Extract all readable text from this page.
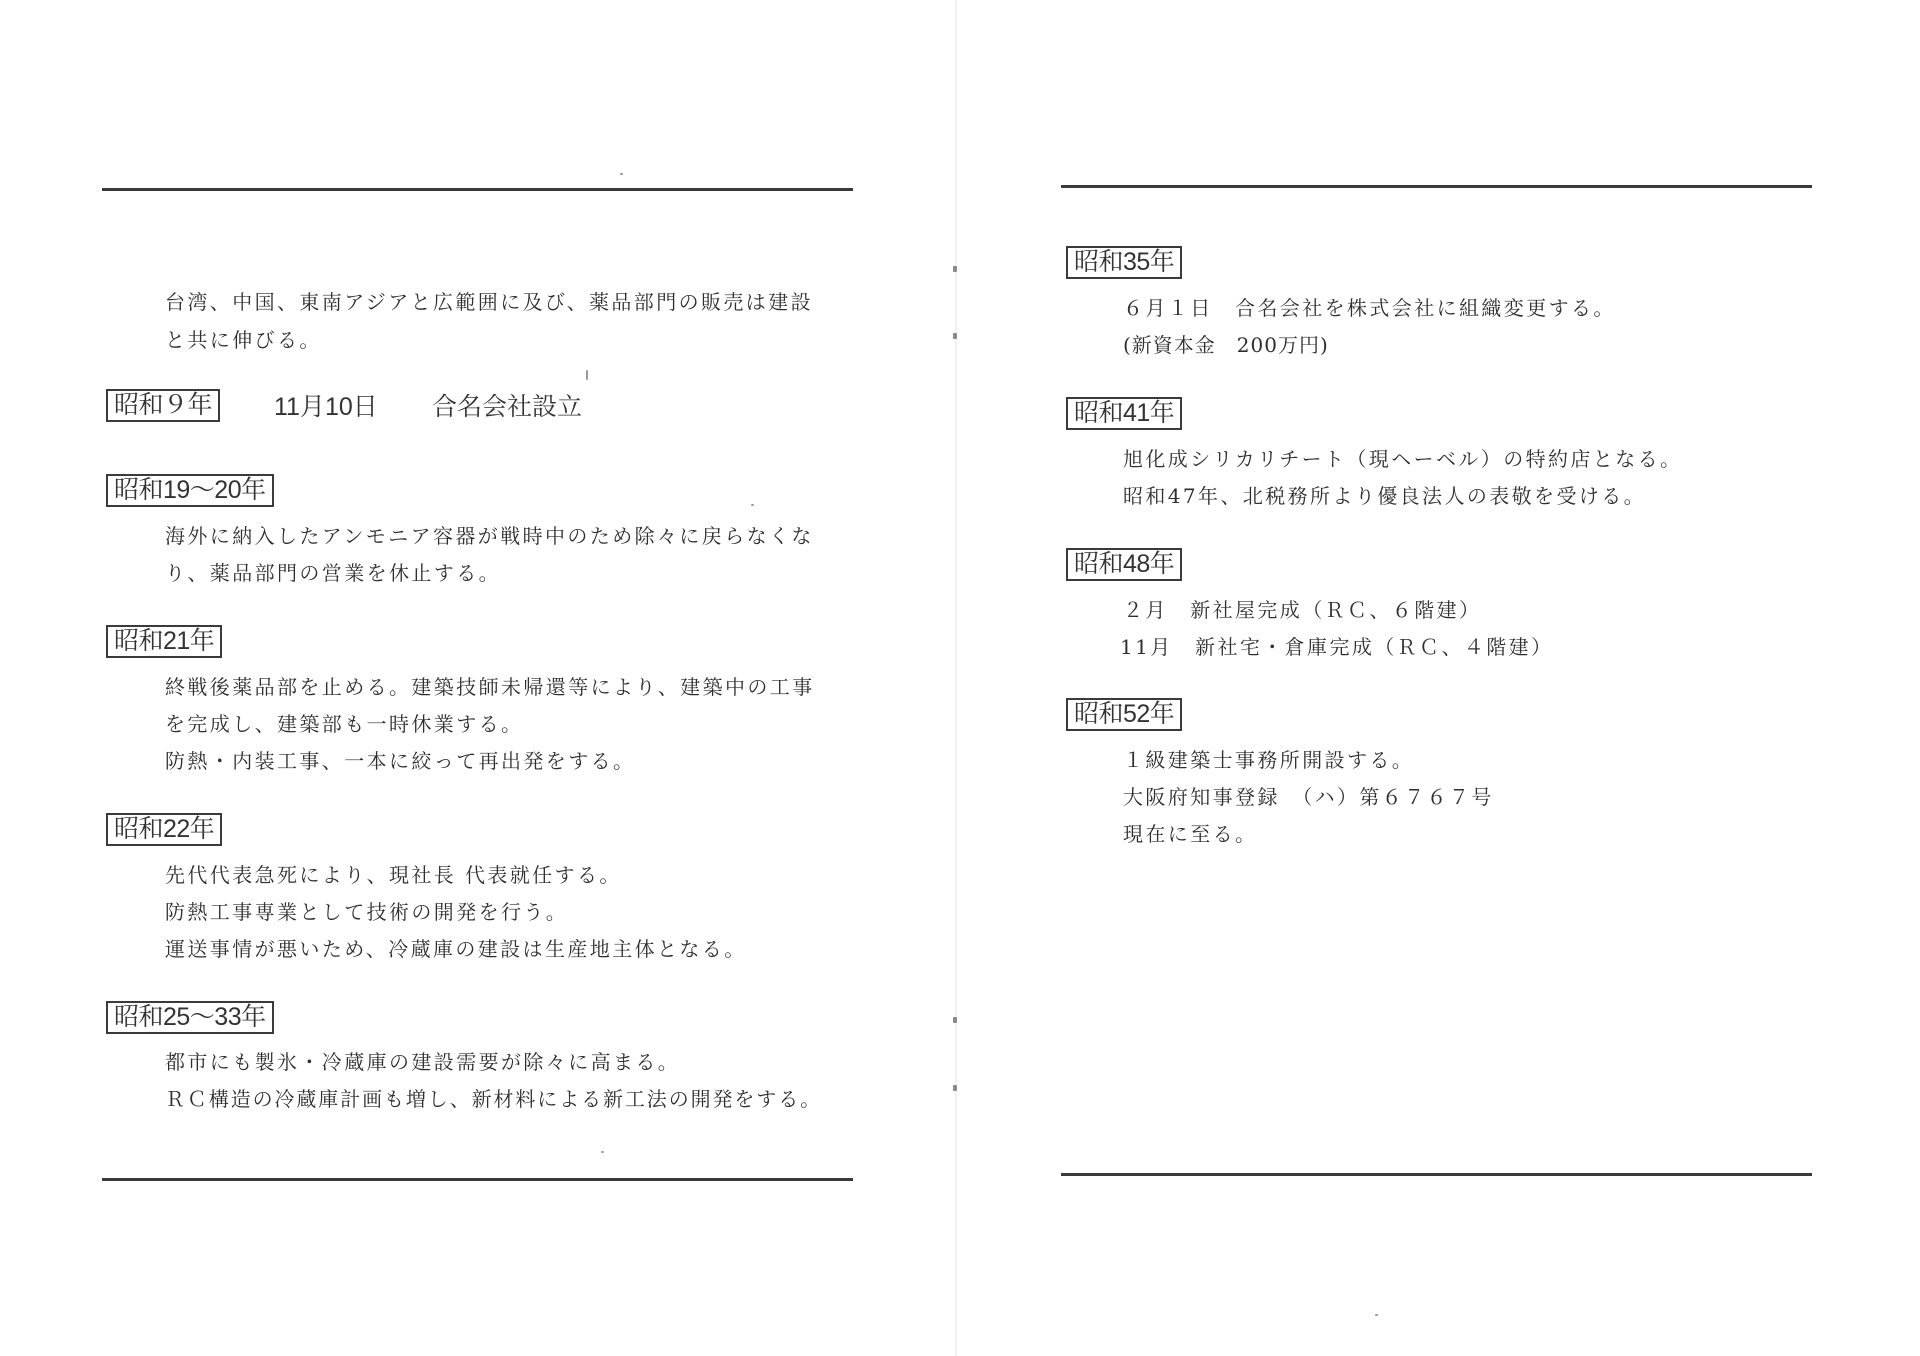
台湾、中国、東南アジアと広範囲に及び、薬品部門の販売は建設
と共に伸びる。
昭和９年	11月10日 合名会社設立
昭和19～20年
海外に納入したアンモニア容器が戦時中のため除々に戻らなくな
り、薬品部門の営業を休止する。
昭和21年
終戦後薬品部を止める。建築技師未帰還等により、建築中の工事
を完成し、建築部も一時休業する。
防熱・内装工事、一本に絞って再出発をする。
昭和22年
先代代表急死により、現社長 代表就任する。
防熱工事専業として技術の開発を行う。
運送事情が悪いため、冷蔵庫の建設は生産地主体となる。
昭和25～33年
都市にも製氷・冷蔵庫の建設需要が除々に高まる。
ＲＣ構造の冷蔵庫計画も増し、新材料による新工法の開発をする。
昭和35年
６月１日　合名会社を株式会社に組織変更する。
(新資本金　200万円)
昭和41年
旭化成シリカリチート（現ヘーベル）の特約店となる。
昭和47年、北税務所より優良法人の表敬を受ける。
昭和48年
２月　新社屋完成（ＲＣ、６階建）
11月　新社宅・倉庫完成（ＲＣ、４階建）
昭和52年
１級建築士事務所開設する。
大阪府知事登録　（ハ）第６７６７号
現在に至る。
